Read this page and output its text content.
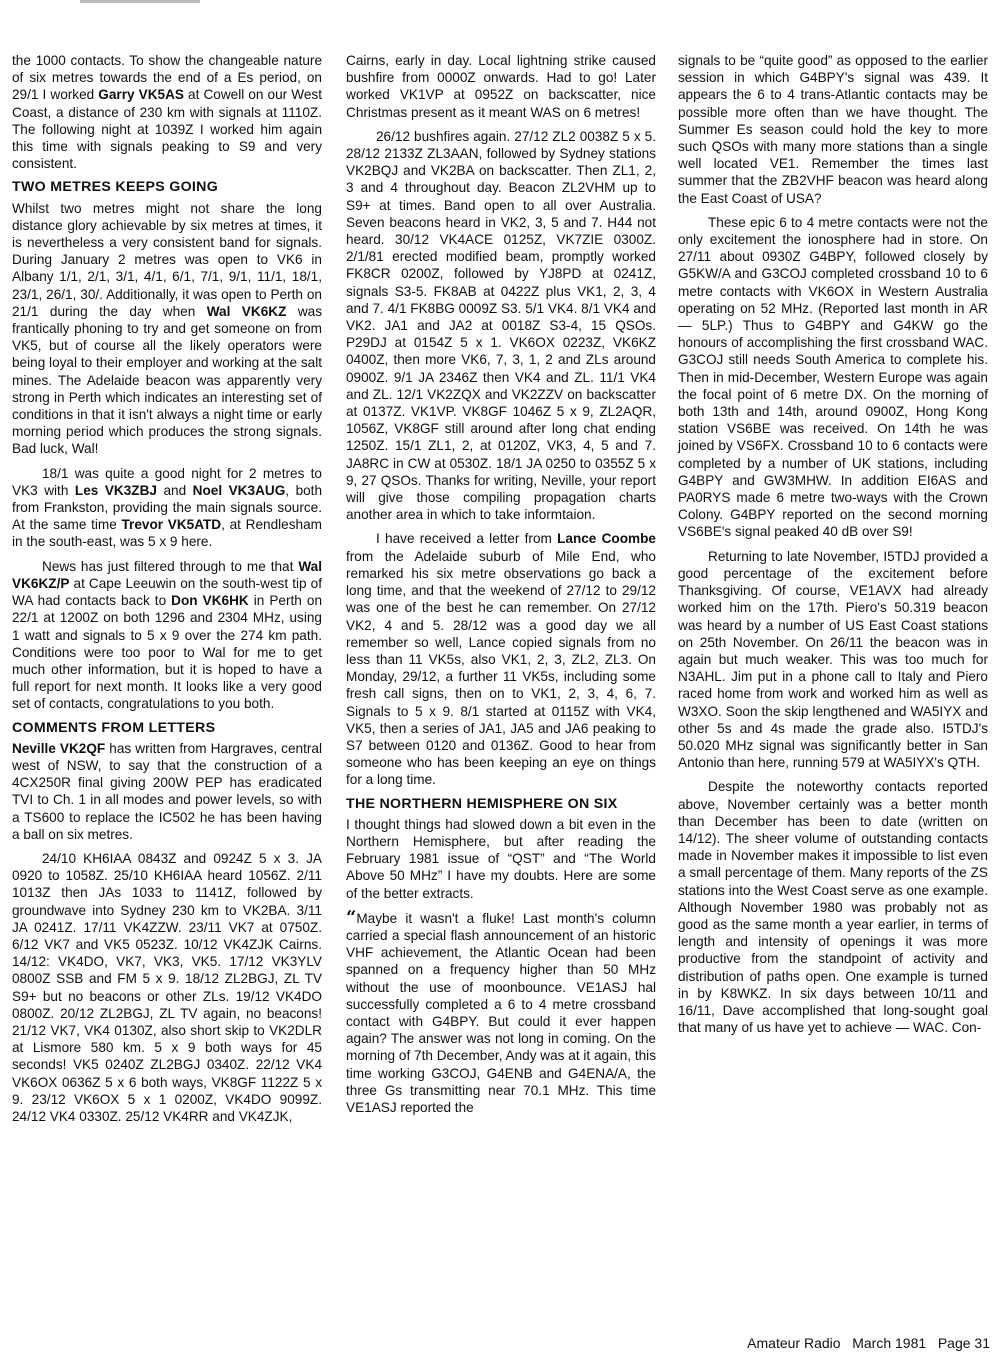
the 1000 contacts. To show the changeable nature of six metres towards the end of a Es period, on 29/1 I worked Garry VK5AS at Cowell on our West Coast, a distance of 230 km with signals at 1110Z. The following night at 1039Z I worked him again this time with signals peaking to S9 and very consistent.

TWO METRES KEEPS GOING

Whilst two metres might not share the long distance glory achievable by six metres at times, it is nevertheless a very consistent band for signals. During January 2 metres was open to VK6 in Albany 1/1, 2/1, 3/1, 4/1, 6/1, 7/1, 9/1, 11/1, 18/1, 23/1, 26/1, 30/. Additionally, it was open to Perth on 21/1 during the day when Wal VK6KZ was frantically phoning to try and get someone on from VK5, but of course all the likely operators were being loyal to their employer and working at the salt mines. The Adelaide beacon was apparently very strong in Perth which indicates an interesting set of conditions in that it isn't always a night time or early morning period which produces the strong signals. Bad luck, Wal!

18/1 was quite a good night for 2 metres to VK3 with Les VK3ZBJ and Noel VK3AUG, both from Frankston, providing the main signals source. At the same time Trevor VK5ATD, at Rendlesham in the south-east, was 5 x 9 here.

News has just filtered through to me that Wal VK6KZ/P at Cape Leeuwin on the south-west tip of WA had contacts back to Don VK6HK in Perth on 22/1 at 1200Z on both 1296 and 2304 MHz, using 1 watt and signals to 5 x 9 over the 274 km path. Conditions were too poor to Wal for me to get much other information, but it is hoped to have a full report for next month. It looks like a very good set of contacts, congratulations to you both.

COMMENTS FROM LETTERS

Neville VK2QF has written from Hargraves, central west of NSW, to say that the construction of a 4CX250R final giving 200W PEP has eradicated TVI to Ch. 1 in all modes and power levels, so with a TS600 to replace the IC502 he has been having a ball on six metres.

24/10 KH6IAA 0843Z and 0924Z 5 x 3. JA 0920 to 1058Z. 25/10 KH6IAA heard 1056Z. 2/11 1013Z then JAs 1033 to 1141Z, followed by groundwave into Sydney 230 km to VK2BA. 3/11 JA 0241Z. 17/11 VK4ZZW. 23/11 VK7 at 0750Z. 6/12 VK7 and VK5 0523Z. 10/12 VK4ZJK Cairns. 14/12: VK4DO, VK7, VK3, VK5. 17/12 VK3YLV 0800Z SSB and FM 5 x 9. 18/12 ZL2BGJ, ZL TV S9+ but no beacons or other ZLs. 19/12 VK4DO 0800Z. 20/12 ZL2BGJ, ZL TV again, no beacons! 21/12 VK7, VK4 0130Z, also short skip to VK2DLR at Lismore 580 km. 5 x 9 both ways for 45 seconds! VK5 0240Z ZL2BGJ 0340Z. 22/12 VK4 VK6OX 0636Z 5 x 6 both ways, VK8GF 1122Z 5 x 9. 23/12 VK6OX 5 x 1 0200Z, VK4DO 9099Z. 24/12 VK4 0330Z. 25/12 VK4RR and VK4ZJK,

Cairns, early in day. Local lightning strike caused bushfire from 0000Z onwards. Had to go! Later worked VK1VP at 0952Z on backscatter, nice Christmas present as it meant WAS on 6 metres!

26/12 bushfires again. 27/12 ZL2 0038Z 5 x 5. 28/12 2133Z ZL3AAN, followed by Sydney stations VK2BQJ and VK2BA on backscatter. Then ZL1, 2, 3 and 4 throughout day. Beacon ZL2VHM up to S9+ at times. Band open to all over Australia. Seven beacons heard in VK2, 3, 5 and 7. H44 not heard. 30/12 VK4ACE 0125Z, VK7ZIE 0300Z. 2/1/81 erected modified beam, promptly worked FK8CR 0200Z, followed by YJ8PD at 0241Z, signals S3-5. FK8AB at 0422Z plus VK1, 2, 3, 4 and 7. 4/1 FK8BG 0009Z S3. 5/1 VK4. 8/1 VK4 and VK2. JA1 and JA2 at 0018Z S3-4, 15 QSOs. P29DJ at 0154Z 5 x 1. VK6OX 0223Z, VK6KZ 0400Z, then more VK6, 7, 3, 1, 2 and ZLs around 0900Z. 9/1 JA 2346Z then VK4 and ZL. 11/1 VK4 and ZL. 12/1 VK2ZQX and VK2ZZV on backscatter at 0137Z. VK1VP. VK8GF 1046Z 5 x 9, ZL2AQR, 1056Z, VK8GF still around after long chat ending 1250Z. 15/1 ZL1, 2, at 0120Z, VK3, 4, 5 and 7. JA8RC in CW at 0530Z. 18/1 JA 0250 to 0355Z 5 x 9, 27 QSOs. Thanks for writing, Neville, your report will give those compiling propagation charts another area in which to take informtaion.

I have received a letter from Lance Coombe from the Adelaide suburb of Mile End, who remarked his six metre observations go back a long time, and that the weekend of 27/12 to 29/12 was one of the best he can remember. On 27/12 VK2, 4 and 5. 28/12 was a good day we all remember so well, Lance copied signals from no less than 11 VK5s, also VK1, 2, 3, ZL2, ZL3. On Monday, 29/12, a further 11 VK5s, including some fresh call signs, then on to VK1, 2, 3, 4, 6, 7. Signals to 5 x 9. 8/1 started at 0115Z with VK4, VK5, then a series of JA1, JA5 and JA6 peaking to S7 between 0120 and 0136Z. Good to hear from someone who has been keeping an eye on things for a long time.

THE NORTHERN HEMISPHERE ON SIX

I thought things had slowed down a bit even in the Northern Hemisphere, but after reading the February 1981 issue of “QST” and “The World Above 50 MHz” I have my doubts. Here are some of the better extracts.

“Maybe it wasn't a fluke! Last month's column carried a special flash announcement of an historic VHF achievement, the Atlantic Ocean had been spanned on a frequency higher than 50 MHz without the use of moonbounce. VE1ASJ hal successfully completed a 6 to 4 metre crossband contact with G4BPY. But could it ever happen again? The answer was not long in coming. On the morning of 7th December, Andy was at it again, this time working G3COJ, G4ENB and G4ENA/A, the three Gs transmitting near 70.1 MHz. This time VE1ASJ reported the

signals to be “quite good” as opposed to the earlier session in which G4BPY's signal was 439. It appears the 6 to 4 trans-Atlantic contacts may be possible more often than we have thought. The Summer Es season could hold the key to more such QSOs with many more stations than a single well located VE1. Remember the times last summer that the ZB2VHF beacon was heard along the East Coast of USA?

These epic 6 to 4 metre contacts were not the only excitement the ionosphere had in store. On 27/11 about 0930Z G4BPY, followed closely by G5KW/A and G3COJ completed crossband 10 to 6 metre contacts with VK6OX in Western Australia operating on 52 MHz. (Reported last month in AR — 5LP.) Thus to G4BPY and G4KW go the honours of accomplishing the first crossband WAC. G3COJ still needs South America to complete his. Then in mid-December, Western Europe was again the focal point of 6 metre DX. On the morning of both 13th and 14th, around 0900Z, Hong Kong station VS6BE was received. On 14th he was joined by VS6FX. Crossband 10 to 6 contacts were completed by a number of UK stations, including G4BPY and GW3MHW. In addition EI6AS and PA0RYS made 6 metre two-ways with the Crown Colony. G4BPY reported on the second morning VS6BE's signal peaked 40 dB over S9!

Returning to late November, I5TDJ provided a good percentage of the excitement before Thanksgiving. Of course, VE1AVX had already worked him on the 17th. Piero's 50.319 beacon was heard by a number of US East Coast stations on 25th November. On 26/11 the beacon was in again but much weaker. This was too much for N3AHL. Jim put in a phone call to Italy and Piero raced home from work and worked him as well as W3XO. Soon the skip lengthened and WA5IYX and other 5s and 4s made the grade also. I5TDJ's 50.020 MHz signal was significantly better in San Antonio than here, running 579 at WA5IYX's QTH.

Despite the noteworthy contacts reported above, November certainly was a better month than December has been to date (written on 14/12). The sheer volume of outstanding contacts made in November makes it impossible to list even a small percentage of them. Many reports of the ZS stations into the West Coast serve as one example. Although November 1980 was probably not as good as the same month a year earlier, in terms of length and intensity of openings it was more productive from the standpoint of activity and distribution of paths open. One example is turned in by K8WKZ. In six days between 10/11 and 16/11, Dave accomplished that long-sought goal that many of us have yet to achieve — WAC. Con-

Amateur Radio March 1981 Page 31
